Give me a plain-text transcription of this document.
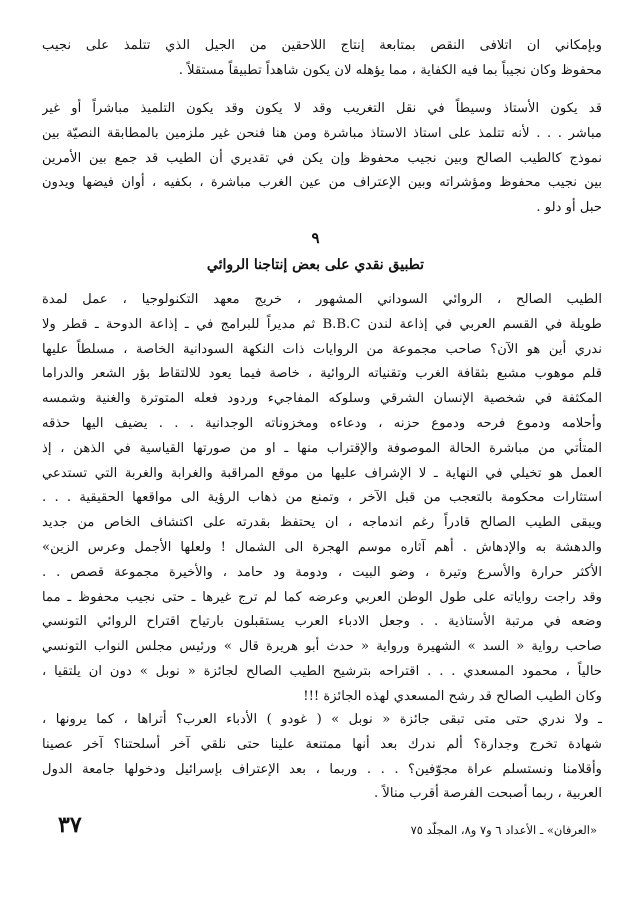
وبإمكاني ان اتلافى النقص بمتابعة إنتاج اللاحقين من الجيل الذي تتلمذ على نجيب
محفوظ وكان نجيباً بما فيه الكفاية ، مما يؤهله لان يكون شاهداً تطبيقاً مستقلاً .
قد يكون الأستاذ وسيطاً في نقل التغريب وقد لا يكون وقد يكون التلميذ مباشراً أو غير
مباشر . . . لأنه تتلمذ على استاذ الاستاذ مباشرة ومن هنا فنحن غير ملزمين بالمطابقة النصيّة بين
نموذج كالطيب الصالح وبين نجيب محفوظ وإن يكن في تقديري أن الطيب قد جمع بين الأمرين
بين نجيب محفوظ ومؤشراته وبين الإعتراف من عين الغرب مباشرة ، بكفيه ، أوان فيضها ويدون
حبل أو دلو .
٩
تطبيق نقدي على بعض إنتاجنا الروائي
الطيب الصالح ، الروائي السوداني المشهور ، خريج معهد التكنولوجيا ، عمل لمدة
طويلة في القسم العربي في إذاعة لندن B.B.C ثم مديراً للبرامج في ـ إذاعة الدوحة ـ قطر ولا
ندري أين هو الآن؟ صاحب مجموعة من الروايات ذات النكهة السودانية الخاصة ، مسلطاً عليها
قلم موهوب مشبع بثقافة الغرب وتقنياته الروائية ، خاصة فيما يعود للالتقاط بؤر الشعر والدراما
المكثفة في شخصية الإنسان الشرقي وسلوكه المفاجيء وردود فعله المتوترة والغنية وشمسه
وأحلامه ودموع فرحه ودموع حزنه ، ودعاءه ومخزوناته الوجدانية . . . يضيف اليها حذقه
المتأتي من مباشرة الحالة الموصوفة والإقتراب منها ـ او من صورتها القياسية في الذهن ، إذ
العمل هو تخيلي في النهاية ـ لا الإشراف عليها من موقع المراقبة والغرابة والغربة التي تستدعي
استثارات محكومة بالتعجب من قبل الآخر ، وتمنع من ذهاب الرؤية الى مواقعها الحقيقية . . .
ويبقى الطيب الصالح قادراً رغم اندماجه ، ان يحتفظ بقدرته على اكتشاف الخاص من جديد
والدهشة به والإدهاش . أهم آثاره موسم الهجرة الى الشمال ! ولعلها الأجمل وعرس الزين»
الأكثر حرارة والأسرع وتيرة ، وضو البيت ، ودومة ود حامد ، والأخيرة مجموعة قصص . .
وقد راجت رواياته على طول الوطن العربي وعرضه كما لم ترج غيرها ـ حتى نجيب محفوظ ـ مما
وضعه في مرتبة الأستاذية . . وجعل الادباء العرب يستقبلون بارتياح اقتراح الروائي التونسي
صاحب رواية « السد » الشهيرة ورواية « حدث أبو هريرة قال » ورئيس مجلس النواب التونسي
حالياً ، محمود المسعدي . . . اقتراحه بترشيح الطيب الصالح لجائزة « نوبل » دون ان يلتقيا ،
وكان الطيب الصالح قد رشح المسعدي لهذه الجائزة !!!
ـ ولا ندري حتى متى تبقى جائزة « نوبل » ( غودو ) الأدباء العرب؟ أتراها ، كما يرونها ،
شهادة تخرج وجدارة؟ ألم ندرك بعد أنها ممتنعة علينا حتى نلقي آخر أسلحتنا؟ آخر عصينا
وأقلامنا ونستسلم عراة مجوّفين؟ . . . وربما ، بعد الإعتراف بإسرائيل ودخولها جامعة الدول
العربية ، ربما أصبحت الفرصة أقرب منالاً .
٣٧	«العرفان» ـ الأعداد ٦ و٧ و٨، المجلّد ٧٥
